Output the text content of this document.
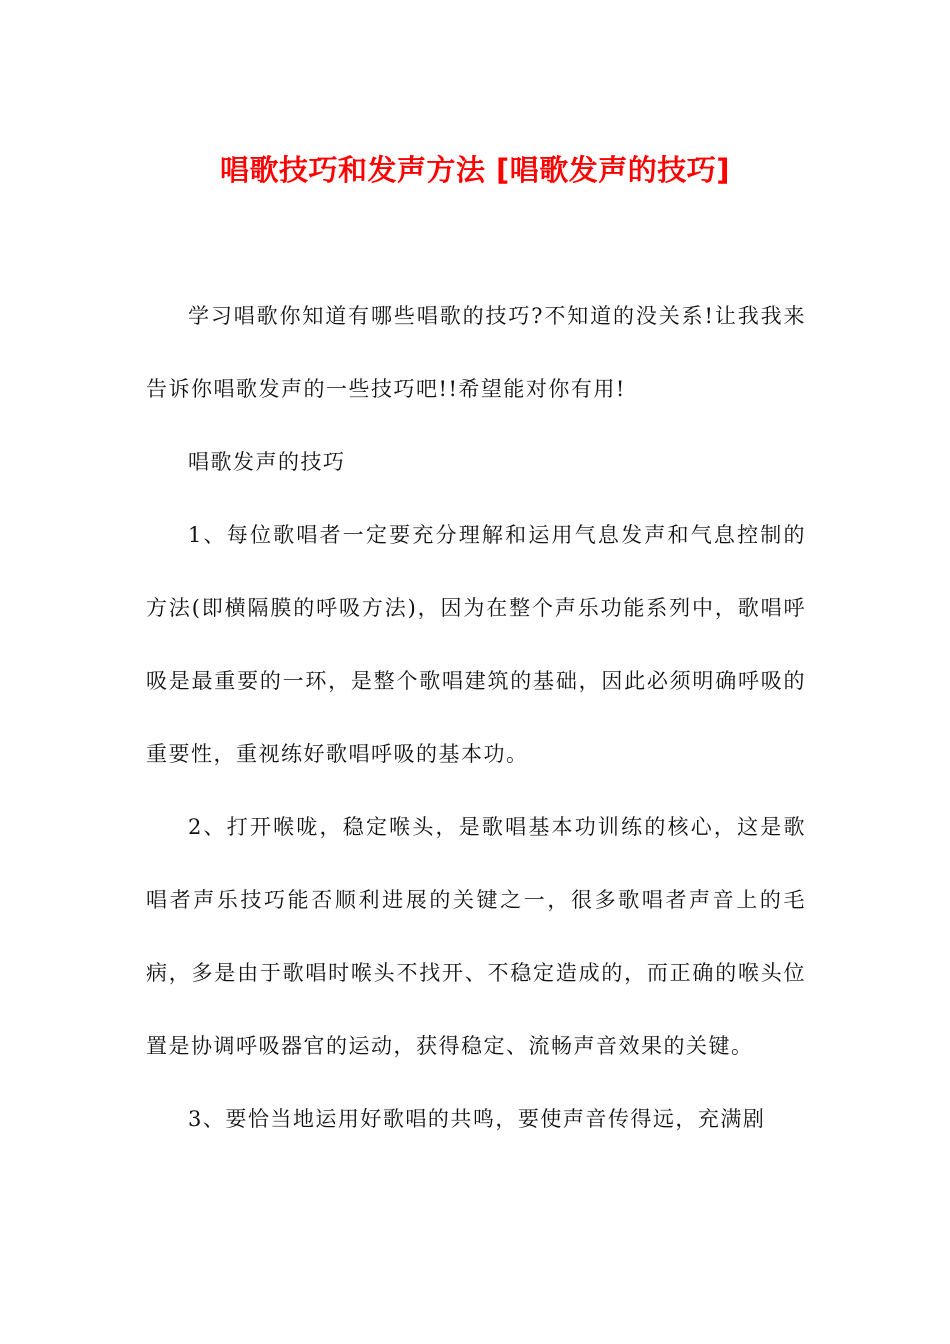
唱歌技巧和发声方法 [唱歌发声的技巧]

学习唱歌你知道有哪些唱歌的技巧?不知道的没关系!让我我来告诉你唱歌发声的一些技巧吧!!希望能对你有用!

唱歌发声的技巧

1、每位歌唱者一定要充分理解和运用气息发声和气息控制的方法(即横隔膜的呼吸方法)，因为在整个声乐功能系列中，歌唱呼吸是最重要的一环，是整个歌唱建筑的基础，因此必须明确呼吸的重要性，重视练好歌唱呼吸的基本功。

2、打开喉咙，稳定喉头，是歌唱基本功训练的核心，这是歌唱者声乐技巧能否顺利进展的关键之一，很多歌唱者声音上的毛病，多是由于歌唱时喉头不找开、不稳定造成的，而正确的喉头位置是协调呼吸器官的运动，获得稳定、流畅声音效果的关键。

3、要恰当地运用好歌唱的共鸣，要使声音传得远，充满剧
